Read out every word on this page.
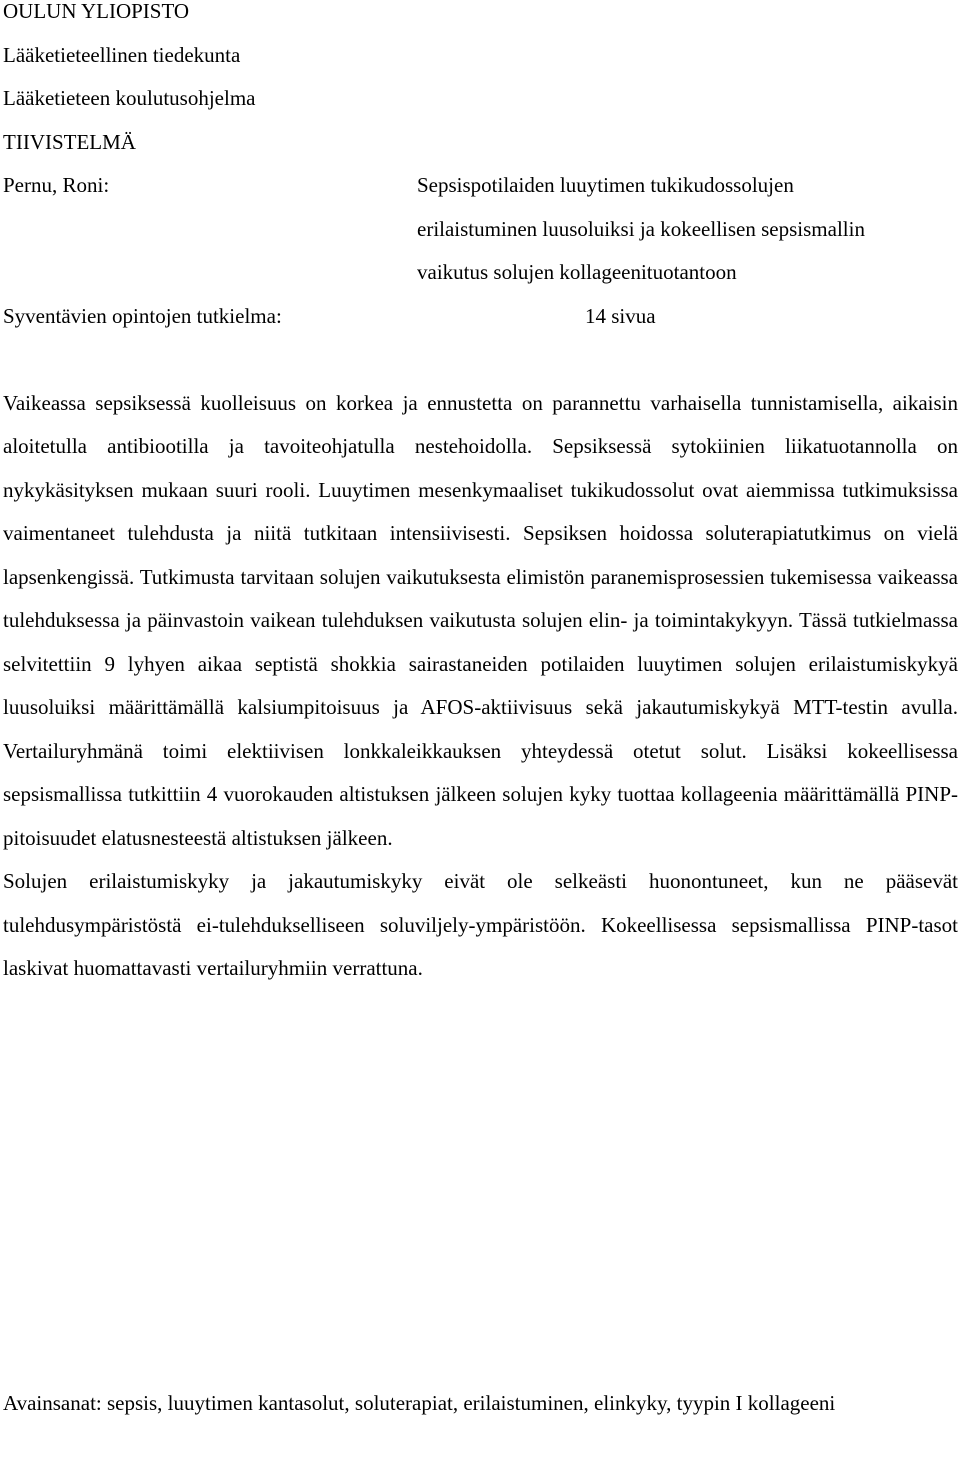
OULUN YLIOPISTO
Lääketieteellinen tiedekunta
Lääketieteen koulutusohjelma
TIIVISTELMÄ
Pernu, Roni:	Sepsispotilaiden luuytimen tukikudossolujen
erilaistuminen luusoluiksi ja kokeellisen sepsismallin
vaikutus solujen kollageenituotantoon
Syventävien opintojen tutkielma:	14 sivua

Vaikeassa sepsiksessä kuolleisuus on korkea ja ennustetta on parannettu varhaisella tunnistamisella, aikaisin aloitetulla antibiootilla ja tavoiteohjatulla nestehoidolla. Sepsiksessä sytokiinien liikatuotannolla on nykykäsityksen mukaan suuri rooli. Luuytimen mesenkymaaliset tukikudossolut ovat aiemmissa tutkimuksissa vaimentaneet tulehdusta ja niitä tutkitaan intensiivisesti. Sepsiksen hoidossa soluterapiatutkimus on vielä lapsenkengissä. Tutkimusta tarvitaan solujen vaikutuksesta elimistön paranemisprosessien tukemisessa vaikeassa tulehduksessa ja päinvastoin vaikean tulehduksen vaikutusta solujen elin- ja toimintakykyyn. Tässä tutkielmassa selvitettiin 9 lyhyen aikaa septistä shokkia sairastaneiden potilaiden luuytimen solujen erilaistumiskykyä luusoluiksi määrittämällä kalsiumpitoisuus ja AFOS-aktiivisuus sekä jakautumiskykyä MTT-testin avulla. Vertailuryhmänä toimi elektiivisen lonkkaleikkauksen yhteydessä otetut solut. Lisäksi kokeellisessa sepsismallissa tutkittiin 4 vuorokauden altistuksen jälkeen solujen kyky tuottaa kollageenia määrittämällä PINP-pitoisuudet elatusnesteestä altistuksen jälkeen.

Solujen erilaistumiskyky ja jakautumiskyky eivät ole selkeästi huonontuneet, kun ne pääsevät tulehdusympäristöstä ei-tulehdukselliseen soluviljely-ympäristöön. Kokeellisessa sepsismallissa PINP-tasot laskivat huomattavasti vertailuryhmiin verrattuna.

Avainsanat: sepsis, luuytimen kantasolut, soluterapiat, erilaistuminen, elinkyky, tyypin I kollageeni
